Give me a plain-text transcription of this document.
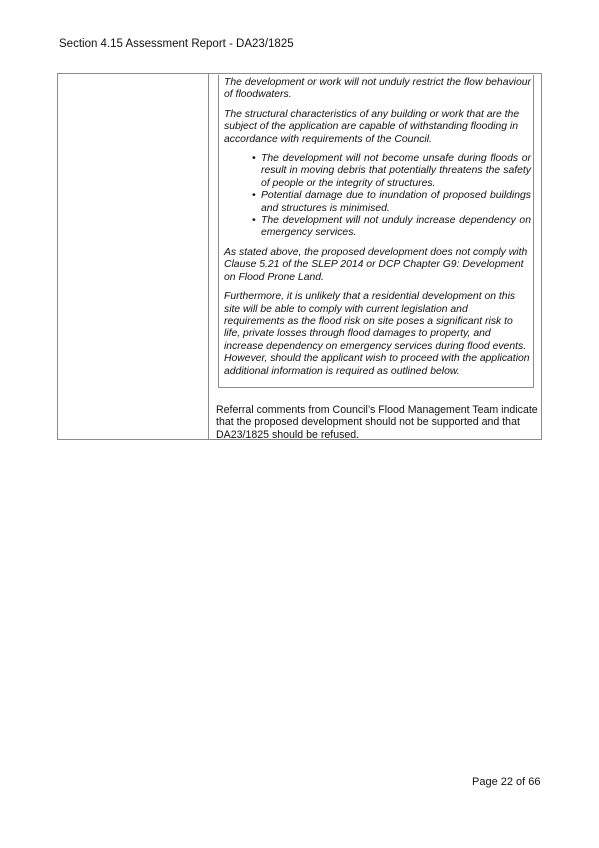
Section 4.15 Assessment Report - DA23/1825

The development or work will not unduly restrict the flow behaviour of floodwaters.

The structural characteristics of any building or work that are the subject of the application are capable of withstanding flooding in accordance with requirements of the Council.

• The development will not become unsafe during floods or result in moving debris that potentially threatens the safety of people or the integrity of structures.
• Potential damage due to inundation of proposed buildings and structures is minimised.
• The development will not unduly increase dependency on emergency services.

As stated above, the proposed development does not comply with Clause 5.21 of the SLEP 2014 or DCP Chapter G9: Development on Flood Prone Land.

Furthermore, it is unlikely that a residential development on this site will be able to comply with current legislation and requirements as the flood risk on site poses a significant risk to life, private losses through flood damages to property, and increase dependency on emergency services during flood events. However, should the applicant wish to proceed with the application additional information is required as outlined below.

Referral comments from Council’s Flood Management Team indicate that the proposed development should not be supported and that DA23/1825 should be refused.
Page 22 of 66
